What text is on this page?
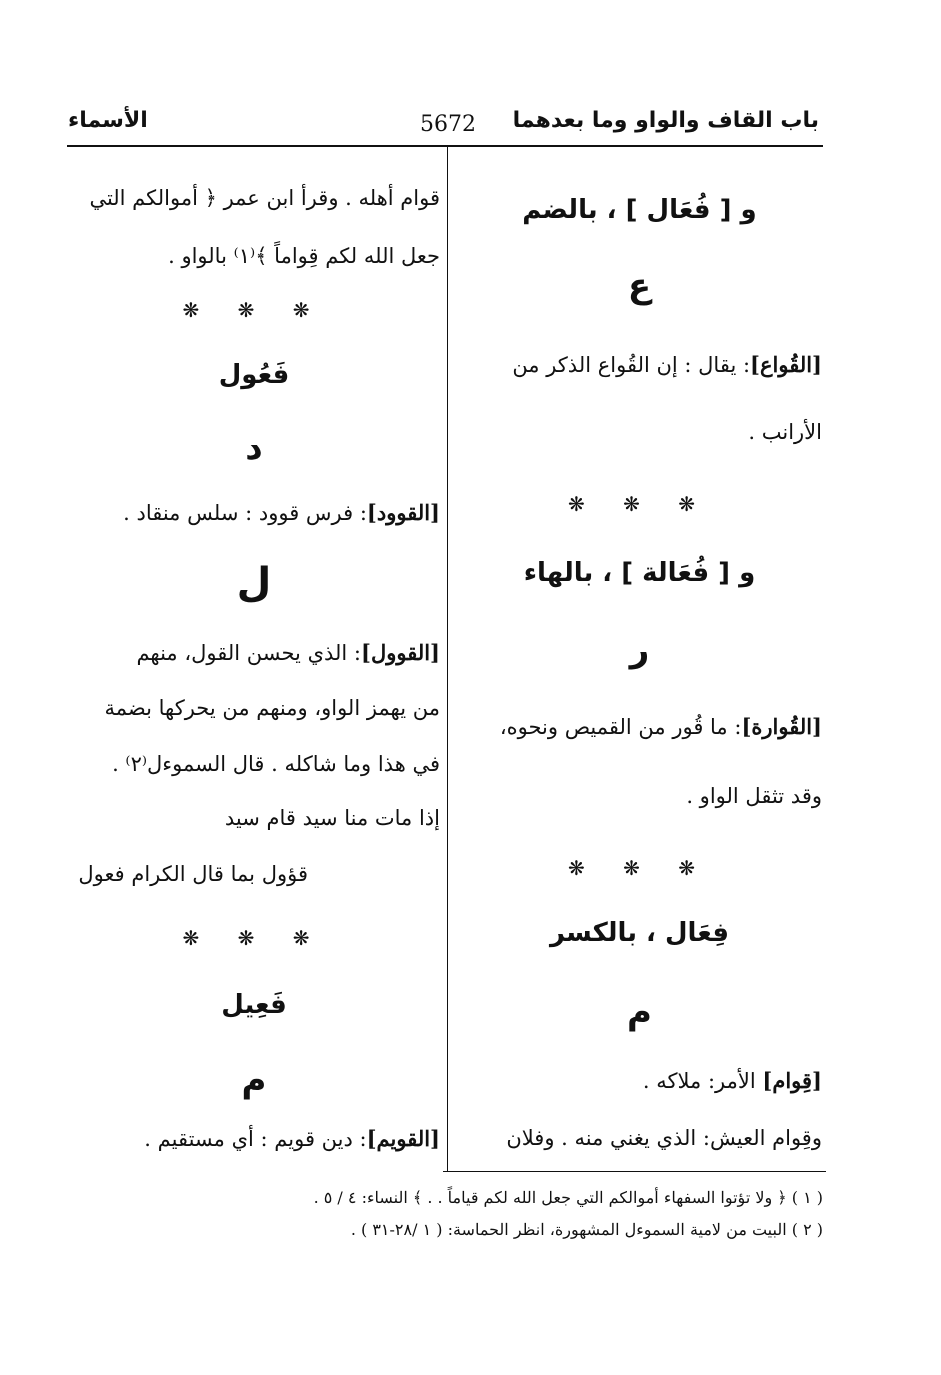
باب القاف والواو وما بعدهما
5672
الأسماء
و [ فُعَال ] ، بالضم
ع
[القُواع]: يقال : إن القُواع الذكر من
الأرانب .
❋ ❋ ❋
و [ فُعَالة ] ، بالهاء
ر
[القُوارة]: ما قُور من القميص ونحوه،
وقد تثقل الواو .
❋ ❋ ❋
فِعَال ، بالكسر
م
[قِوام] الأمر: ملاكه .
وقِوام العيش: الذي يغني منه . وفلان
قوام أهله . وقرأ ابن عمر ﴿ أموالكم التي
جعل الله لكم قِواماً ﴾⁽١⁾ بالواو .
❋ ❋ ❋
فَعُول
د
[القوود]: فرس قوود : سلس منقاد .
ل
[القوول]: الذي يحسن القول، منهم
من يهمز الواو، ومنهم من يحركها بضمة
في هذا وما شاكله . قال السموءل⁽٢⁾ .
إذا مات منا سيد قام سيد
قؤول بما قال الكرام فعول
❋ ❋ ❋
فَعِيل
م
[القويم]: دين قويم : أي مستقيم .
( ١ ) ﴿ ولا تؤتوا السفهاء أموالكم التي جعل الله لكم قياماً . . ﴾ النساء: ٤ / ٥ .
( ٢ ) البيت من لامية السموءل المشهورة، انظر الحماسة: ( ١ /٢٨-٣١ ) .
